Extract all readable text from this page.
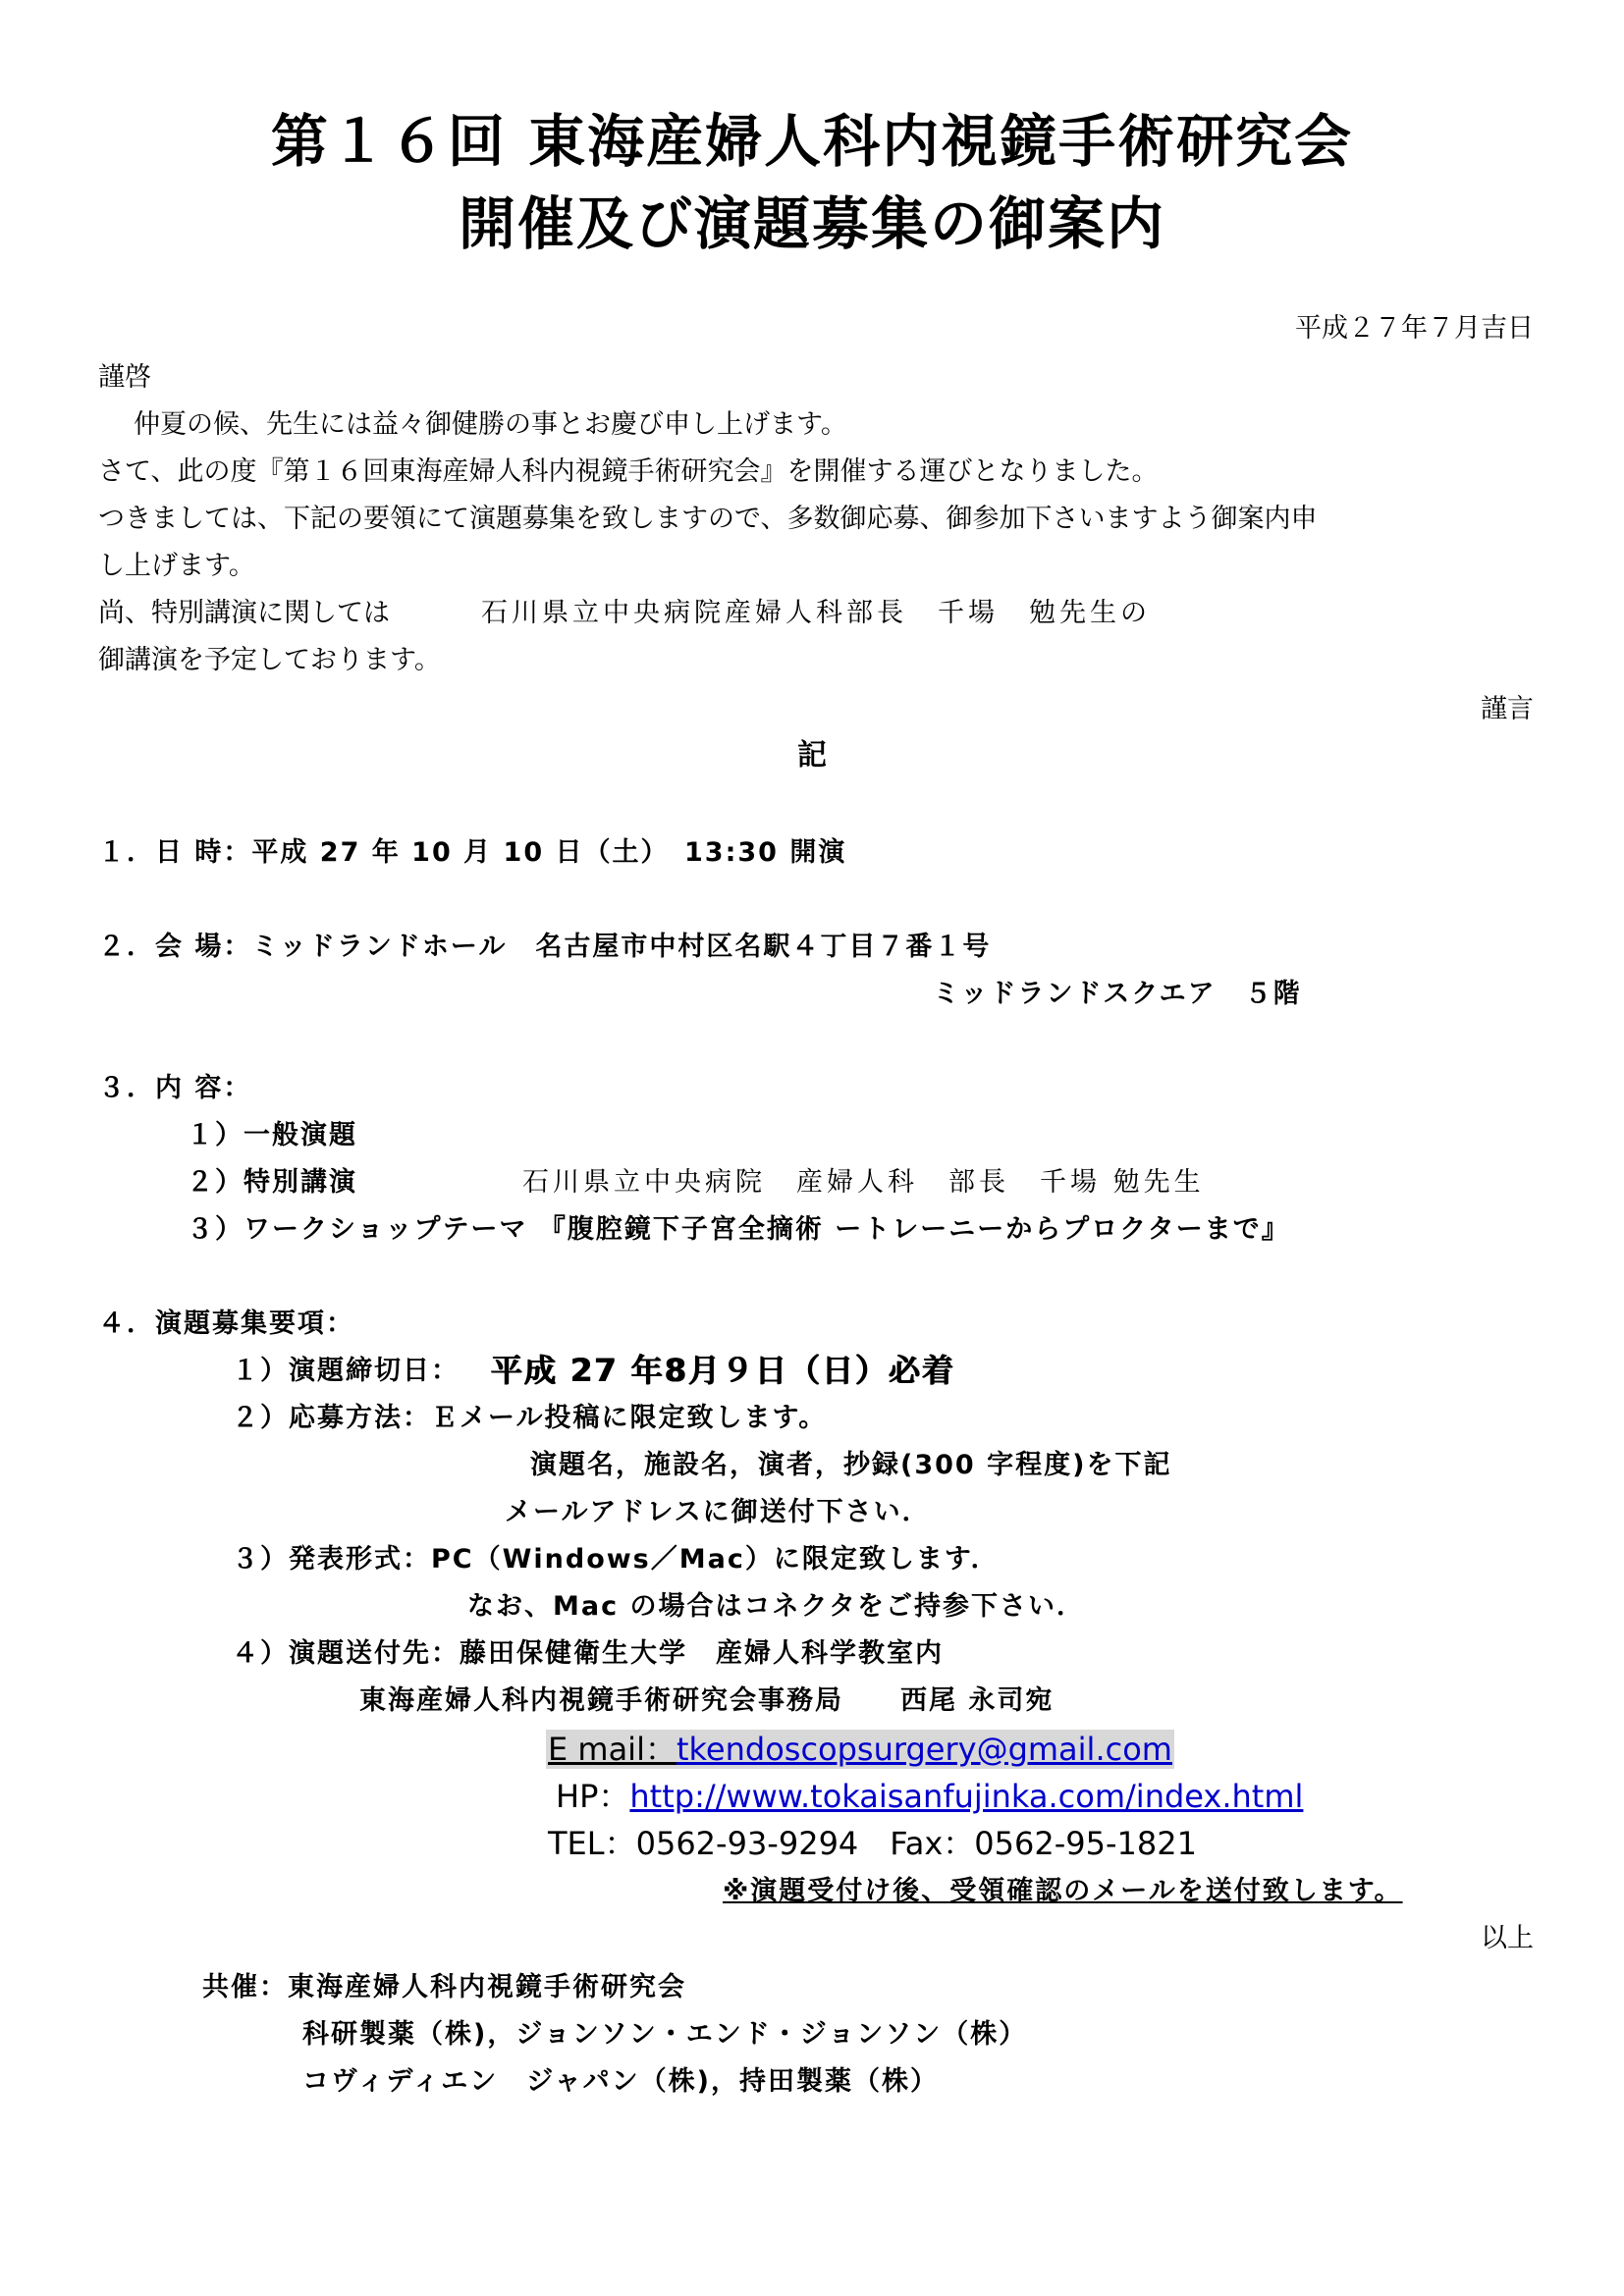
第１６回 東海産婦人科内視鏡手術研究会
開催及び演題募集の御案内
平成２７年７月吉日
謹啓
仲夏の候、先生には益々御健勝の事とお慶び申し上げます。
さて、此の度『第１６回東海産婦人科内視鏡手術研究会』を開催する運びとなりました。
つきましては、下記の要領にて演題募集を致しますので、多数御応募、御参加下さいますよう御案内申
し上げます。
尚、特別講演に関しては	石川県立中央病院産婦人科部長　千場　勉先生の
御講演を予定しております。
謹言
記
１．日 時：平成 27 年 10 月 10 日（土）　13:30 開演
２．会 場：ミッドランドホール　名古屋市中村区名駅４丁目７番１号
ミッドランドスクエア　５階
３．内 容：
１）一般演題
２）特別講演	石川県立中央病院　産婦人科　部長　千場 勉先生
３）ワークショップテーマ 『腹腔鏡下子宮全摘術 ートレーニーからプロクターまで』
４．演題募集要項：
１）演題締切日： 平成 27 年8月９日（日）必着
２）応募方法：Ｅメール投稿に限定致します。
演題名，施設名，演者，抄録(300 字程度)を下記
メールアドレスに御送付下さい．
３）発表形式：PC（Windows／Mac）に限定致します．
なお、Mac の場合はコネクタをご持参下さい．
４）演題送付先：藤田保健衛生大学　産婦人科学教室内
東海産婦人科内視鏡手術研究会事務局　　西尾 永司宛
E mail：tkendoscopsurgery@gmail.com
HP：http://www.tokaisanfujinka.com/index.html
TEL：0562-93-9294　Fax：0562-95-1821
※演題受付け後、受領確認のメールを送付致します。
以上
共催：東海産婦人科内視鏡手術研究会
科研製薬（株)，ジョンソン・エンド・ジョンソン（株）
コヴィディエン　ジャパン（株)，持田製薬（株）
